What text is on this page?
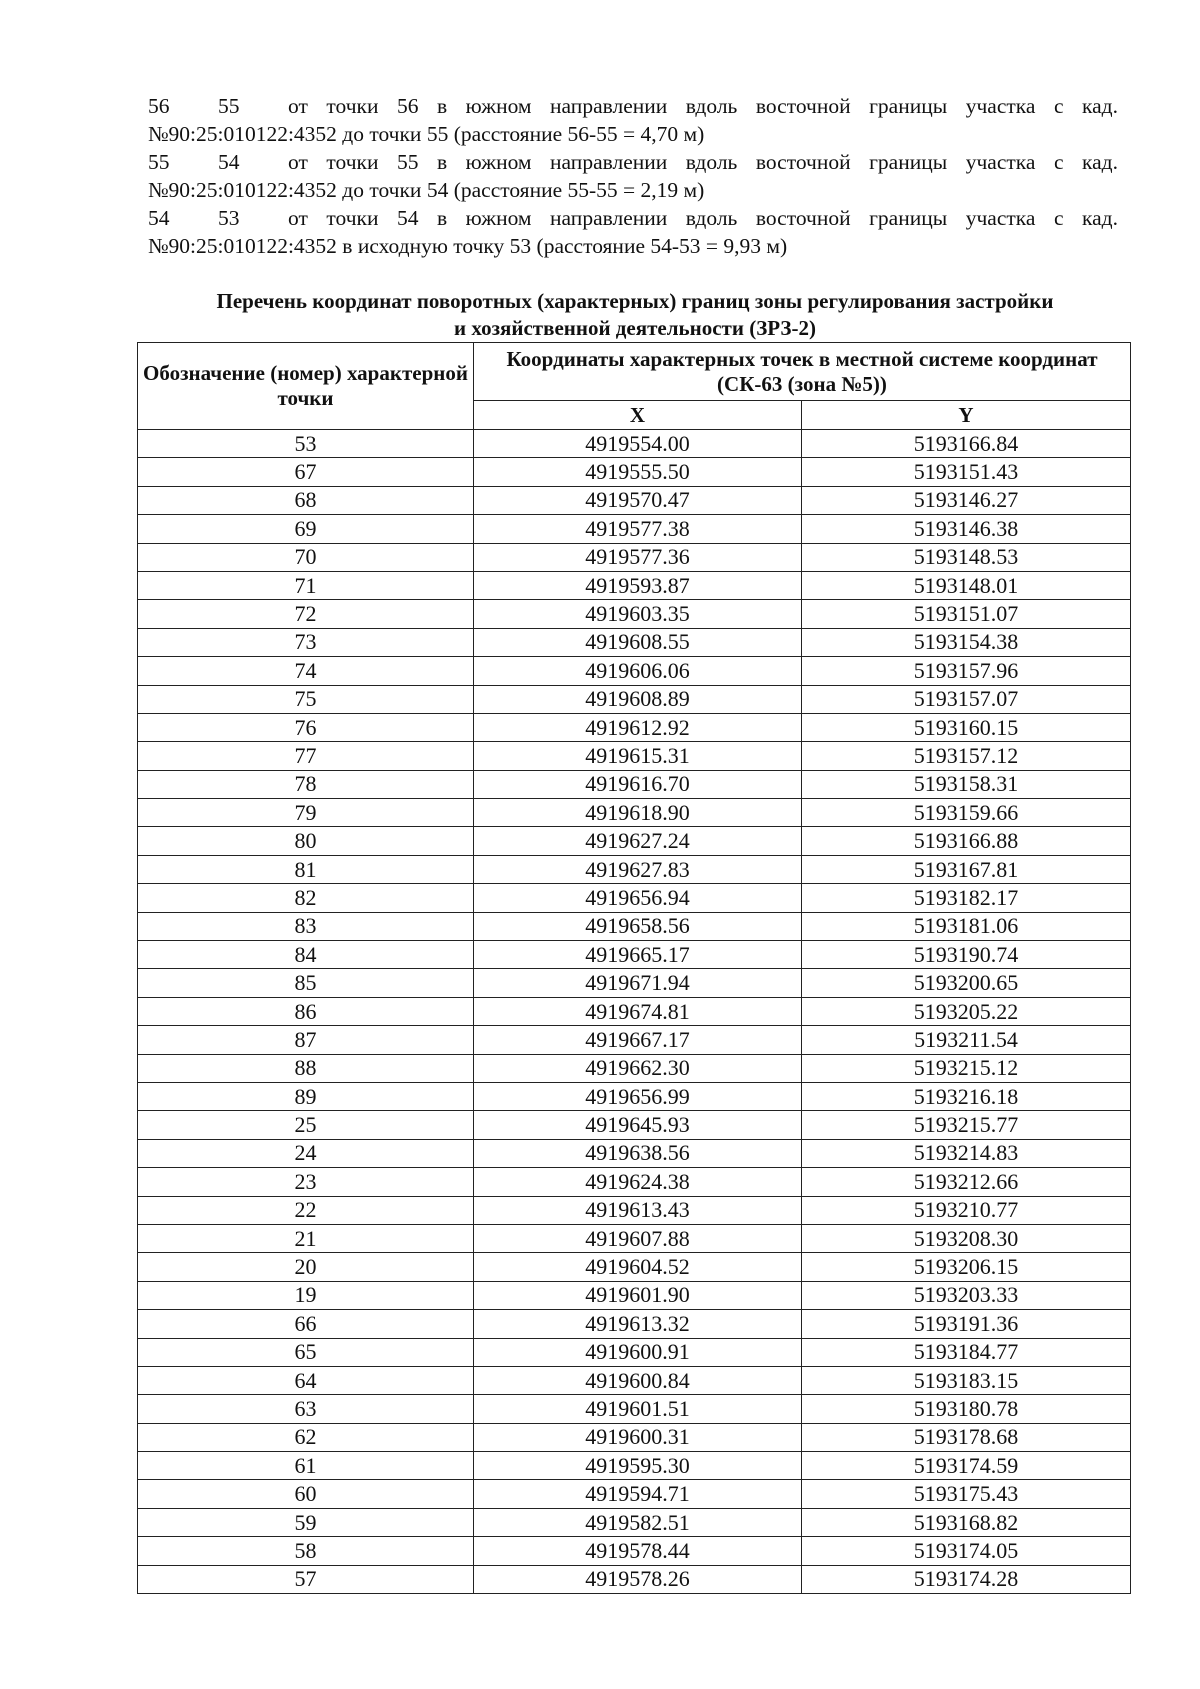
56	55	от точки 56 в южном направлении вдоль восточной границы участка с кад.
№90:25:010122:4352 до точки 55 (расстояние 56-55 = 4,70 м)
55	54	от точки 55 в южном направлении вдоль восточной границы участка с кад.
№90:25:010122:4352 до точки 54 (расстояние 55-55 = 2,19 м)
54	53	от точки 54 в южном направлении вдоль восточной границы участка с кад.
№90:25:010122:4352 в исходную точку 53 (расстояние 54-53 = 9,93 м)
Перечень координат поворотных (характерных) границ зоны регулирования застройки
и хозяйственной деятельности (ЗРЗ-2)
Обозначение (номер) характерной точки	Координаты характерных точек в местной системе координат (СК-63 (зона №5))	
	X	Y
53	4919554.00	5193166.84
67	4919555.50	5193151.43
68	4919570.47	5193146.27
69	4919577.38	5193146.38
70	4919577.36	5193148.53
71	4919593.87	5193148.01
72	4919603.35	5193151.07
73	4919608.55	5193154.38
74	4919606.06	5193157.96
75	4919608.89	5193157.07
76	4919612.92	5193160.15
77	4919615.31	5193157.12
78	4919616.70	5193158.31
79	4919618.90	5193159.66
80	4919627.24	5193166.88
81	4919627.83	5193167.81
82	4919656.94	5193182.17
83	4919658.56	5193181.06
84	4919665.17	5193190.74
85	4919671.94	5193200.65
86	4919674.81	5193205.22
87	4919667.17	5193211.54
88	4919662.30	5193215.12
89	4919656.99	5193216.18
25	4919645.93	5193215.77
24	4919638.56	5193214.83
23	4919624.38	5193212.66
22	4919613.43	5193210.77
21	4919607.88	5193208.30
20	4919604.52	5193206.15
19	4919601.90	5193203.33
66	4919613.32	5193191.36
65	4919600.91	5193184.77
64	4919600.84	5193183.15
63	4919601.51	5193180.78
62	4919600.31	5193178.68
61	4919595.30	5193174.59
60	4919594.71	5193175.43
59	4919582.51	5193168.82
58	4919578.44	5193174.05
57	4919578.26	5193174.28
